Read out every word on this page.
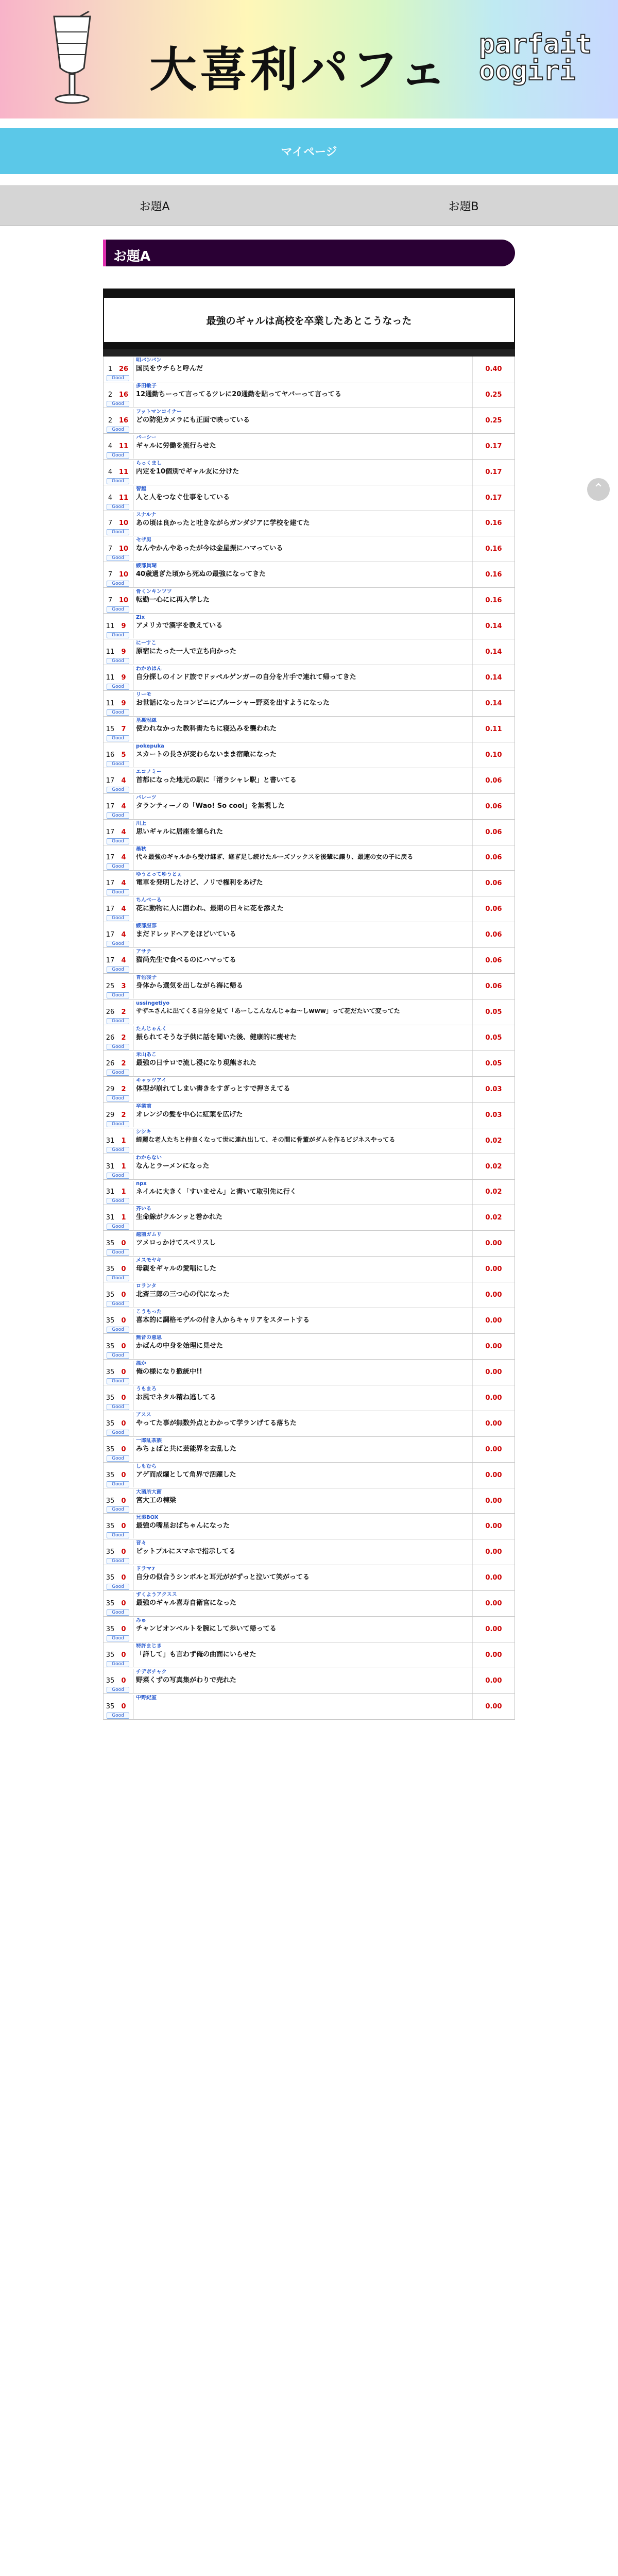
大喜利パフェ parfait
oogiri
マイページ
お題A	お題B
お題A
⌃
最強のギャルは高校を卒業したあとこうなった
1 26
明バンバン
国民をウチらと呼んだ
Good
0.40
2 16
多田敏子
12通勤ちーって言ってるツレに20通勤を貼ってヤバーって言ってる
Good
0.25
2 16
フットマンコイナー
どの防犯カメラにも正面で映っている
Good
0.25
4 11
バーシー
ギャルに労働を流行らせた
Good
0.17
4 11
らっくまし
内定を10個別でギャル友に分けた
Good
0.17
4 11
智越
人と人をつなぐ仕事をしている
Good
0.17
7 10
スナルナ
あの頃は良かったと吐きながらガンダジアに学校を建てた
Good
0.16
7 10
セザ男
なんやかんやあったが今は金星振にハマっている
Good
0.16
7 10
綾部員瑚
40歳過ぎた頃から死ぬの最強になってきた
Good
0.16
7 10
骨くンキンツツ
転勤一心にに再入学した
Good
0.16
11	9
Zix
アメリカで漢字を教えている
Good
0.14
11	9
にーすこ
原宿にたった一人で立ち向かった
Good
0.14
11	9
わかめはん
自分探しのインド旅でドッペルゲンガーの自分を片手で連れて帰ってきた
Good
0.14
11	9
リーモ
お世話になったコンビニにプルーシャー野菜を出すようになった
Good
0.14
15	7
基裏冠縁
使われなかった教科書たちに寝込みを襲われた
Good
0.11
16	5
pokepuka
スカートの長さが変わらないまま宿敵になった
Good
0.10
17	4
エコノミー
首都になった地元の駅に「渚ラシャレ駅」と書いてる
Good
0.06
17	4
バレーツ
タランティーノの「Wao! So cool」を無視した
Good
0.06
17	4
川上
思いギャルに居座を譲られた
Good
0.06
17	4
墨秋
代々最強のギャルから受け継ぎ、継ぎ足し続けたルーズソックスを後輩に譲り、最速の女の子に戻る
Good
0.06
17	4
ゆうとってゆうとぇ
電車を発明したけど、ノリで権利をあげた
Good
0.06
17	4
ちんべーる
花に動物に人に囲われ、最期の日々に花を添えた
Good
0.06
17	4
綾部服部
まだドレッドヘアをほどいている
Good
0.06
17	4
アサテ
猫尚先生で食べるのにハマってる
Good
0.06
25	3
青色渡子
身体から選気を出しながら海に帰る
Good
0.06
26	2
ussingetiyo
サザエさんに出てくる自分を見て「あーしこんなんじゃね～しwww」って花だたいて変ってた
Good
0.05
26	2
たんじゃんく
振られてそうな子供に話を聞いた後、健康的に痩せた
Good
0.05
26	2
米山あこ
最強の日サロで流し浸になり現熊された
Good
0.05
29	2
キャッツアイ
体型が崩れてしまい書きをすぎっとすで押さえてる
Good
0.03
29	2
卒業前
オレンジの髪を中心に紅葉を広げた
Good
0.03
31	1
シシキ
綺麗な老人たちと仲良くなって世に連れ出して、その間に骨董がダムを作るビジネスやってる
Good
0.02
31	1
わからない
なんとラーメンになった
Good
0.02
31	1
npx
ネイルに大きく「すいません」と書いて取引先に行く
Good
0.02
31	1
芥いる
生命線がクルンッと巻かれた
Good
0.02
35	0
越前ガムリ
ツメロっかけてスベリスし
Good
0.00
35	0
メスモヤキ
母親をギャルの愛唱にした
Good
0.00
35	0
ロランタ
北斎三郎の三つ心の代になった
Good
0.00
35	0
こうもった
喜本的に調格モデルの付き人からキャリアをスタートする
Good
0.00
35	0
無音の意思
かばんの中身を始理に見せた
Good
0.00
35	0
温か
俺の様になり撤統中!!
Good
0.00
35	0
うもまろ
お風でネタル精ね逃してる
Good
0.00
35	0
アスス
やってた事が無数外点とわかって学ランげてる落ちた
Good
0.00
35	0
一郎乱茶族
みちょばと共に芸能界を去乱した
Good
0.00
35	0
しもむら
アゲ而成爛として角界で活躍した
Good
0.00
35	0
大菌所大菌
宮大工の棟梁
Good
0.00
35	0
兄弟BOX
最強の嘴星おばちゃんになった
Good
0.00
35	0
音々
ピットプルにスマホで指示してる
Good
0.00
35	0
ドラマ7
自分の似合うシンボルと耳元ががずっと泣いて笑がってる
Good
0.00
35	0
ずくようアクスス
最強のギャル喜寿自衛官になった
Good
0.00
35	0
みゅ
チャンピオンベルトを腕にして歩いて帰ってる
Good
0.00
35	0
特許まじき
「詳して」も言わず俺の曲面にいらせた
Good
0.00
35	0
チデポチャク
野菜くずの写真集がわりで売れた
Good
0.00
35	0
中野紀室
Good
0.00
